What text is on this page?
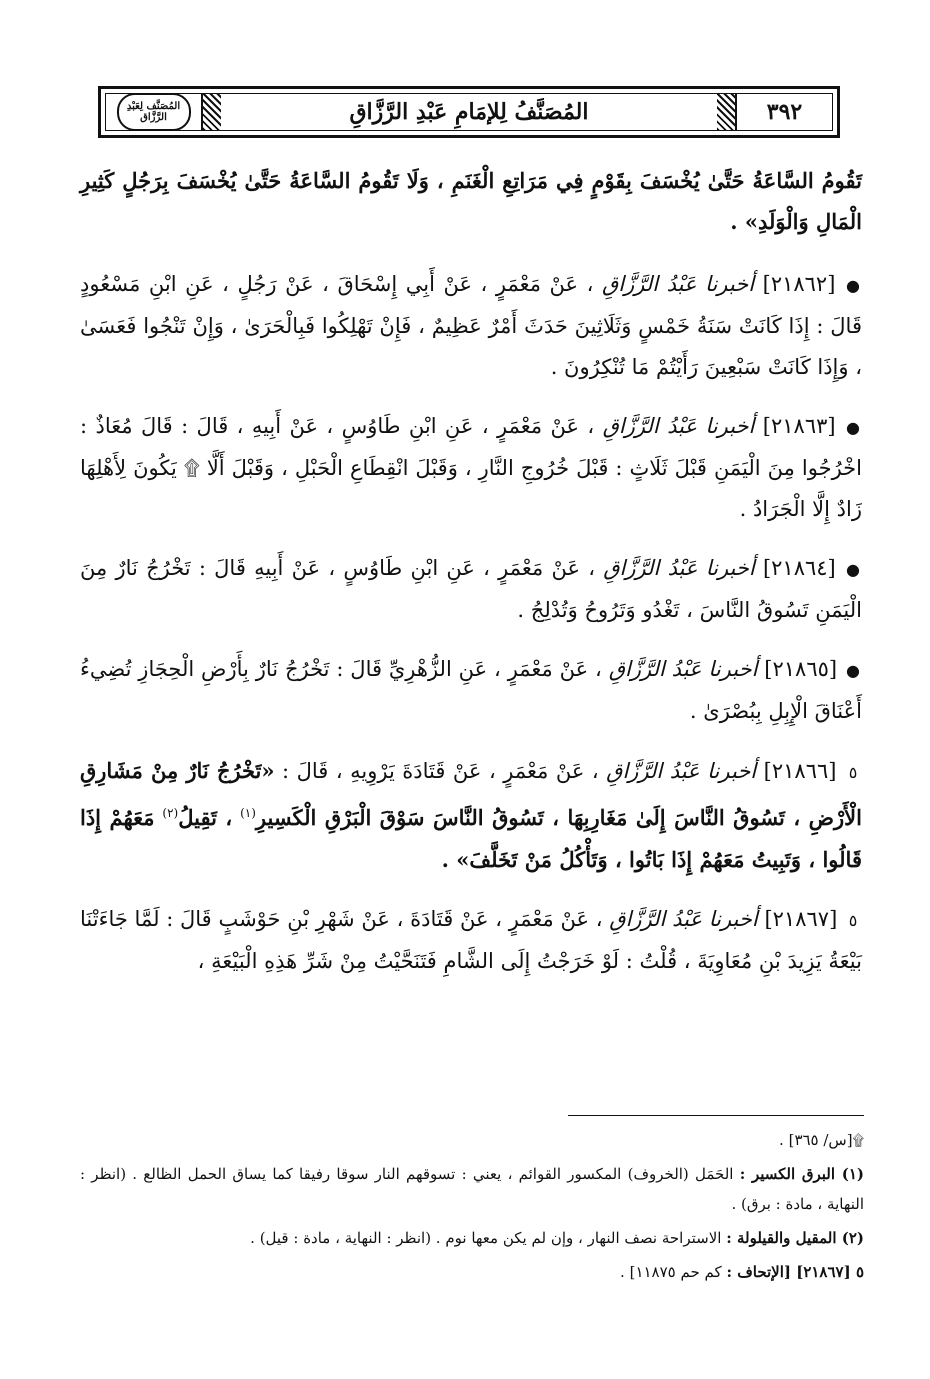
٣٩٢
المُصَنَّفُ لِلإمَامِ عَبْدِ الرَّزَّاقِ
المُصَنَّف لِعَبْدِ الرَّزَّاق

تَقُومُ السَّاعَةُ حَتَّىٰ يُخْسَفَ بِقَوْمٍ فِي مَرَاتِعِ الْغَنَمِ ، وَلَا تَقُومُ السَّاعَةُ حَتَّىٰ يُخْسَفَ بِرَجُلٍ كَثِيرِ الْمَالِ وَالْوَلَدِ» .

● [٢١٨٦٢] أخبرنا عَبْدُ الرَّزَّاقِ ، عَنْ مَعْمَرٍ ، عَنْ أَبِي إِسْحَاقَ ، عَنْ رَجُلٍ ، عَنِ ابْنِ مَسْعُودٍ قَالَ : إِذَا كَانَتْ سَنَةُ خَمْسٍ وَثَلَاثِينَ حَدَثَ أَمْرٌ عَظِيمٌ ، فَإِنْ تَهْلِكُوا فَبِالْحَرَىٰ ، وَإِنْ تَنْجُوا فَعَسَىٰ ، وَإِذَا كَانَتْ سَبْعِينَ رَأَيْتُمْ مَا تُنْكِرُونَ .

● [٢١٨٦٣] أخبرنا عَبْدُ الرَّزَّاقِ ، عَنْ مَعْمَرٍ ، عَنِ ابْنِ طَاوُسٍ ، عَنْ أَبِيهِ ، قَالَ : قَالَ مُعَاذٌ : اخْرُجُوا مِنَ الْيَمَنِ قَبْلَ ثَلَاثٍ : قَبْلَ خُرُوجِ النَّارِ ، وَقَبْلَ انْقِطَاعِ الْحَبْلِ ، وَقَبْلَ أَلَّا ۩ يَكُونَ لِأَهْلِهَا زَادٌ إِلَّا الْجَرَادُ .

● [٢١٨٦٤] أخبرنا عَبْدُ الرَّزَّاقِ ، عَنْ مَعْمَرٍ ، عَنِ ابْنِ طَاوُسٍ ، عَنْ أَبِيهِ قَالَ : تَخْرُجُ نَارٌ مِنَ الْيَمَنِ تَسُوقُ النَّاسَ ، تَغْدُو وَتَرُوحُ وَتُدْلِجُ .

● [٢١٨٦٥] أخبرنا عَبْدُ الرَّزَّاقِ ، عَنْ مَعْمَرٍ ، عَنِ الزُّهْرِيِّ قَالَ : تَخْرُجُ نَارٌ بِأَرْضِ الْحِجَازِ تُضِيءُ أَعْنَاقَ الْإِبِلِ بِبُصْرَىٰ .

٥ [٢١٨٦٦] أخبرنا عَبْدُ الرَّزَّاقِ ، عَنْ مَعْمَرٍ ، عَنْ قَتَادَةَ يَرْوِيهِ ، قَالَ : «تَخْرُجُ نَارٌ مِنْ مَشَارِقِ الْأَرْضِ ، تَسُوقُ النَّاسَ إِلَىٰ مَغَارِبِهَا ، تَسُوقُ النَّاسَ سَوْقَ الْبَرْقِ الْكَسِيرِ$^{(١)}$ ، تَقِيلُ$^{(٢)}$ مَعَهُمْ إِذَا قَالُوا ، وَتَبِيتُ مَعَهُمْ إِذَا بَاتُوا ، وَتَأْكُلُ مَنْ تَخَلَّفَ» .

٥ [٢١٨٦٧] أخبرنا عَبْدُ الرَّزَّاقِ ، عَنْ مَعْمَرٍ ، عَنْ قَتَادَةَ ، عَنْ شَهْرِ بْنِ حَوْشَبٍ قَالَ : لَمَّا جَاءَتْنَا بَيْعَةُ يَزِيدَ بْنِ مُعَاوِيَةَ ، قُلْتُ : لَوْ خَرَجْتُ إِلَى الشَّامِ فَتَنَحَّيْتُ مِنْ شَرِّ هَذِهِ الْبَيْعَةِ ،

۩[س/ ٣٦٥] .

(١) البرق الكسير : الحَمَل (الخروف) المكسور القوائم ، يعني : تسوقهم النار سوقا رفيقا كما يساق الحمل الظالع . (انظر : النهاية ، مادة : برق) .

(٢) المقيل والقيلولة : الاستراحة نصف النهار ، وإن لم يكن معها نوم . (انظر : النهاية ، مادة : قيل) .

٥ [٢١٨٦٧] [الإتحاف : كم حم ١١٨٧٥] .
